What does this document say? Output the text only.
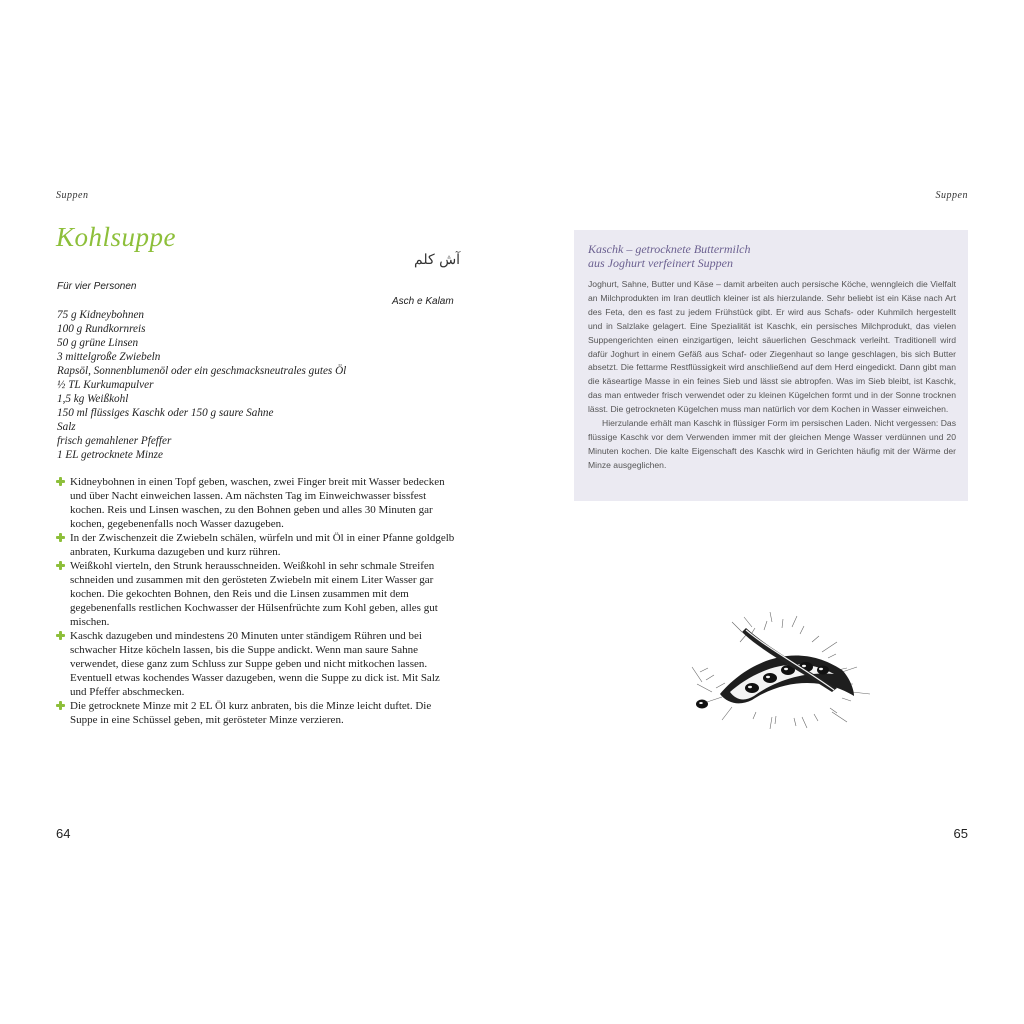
Suppen
Kohlsuppe
آش کلم
Für vier Personen
Asch e Kalam
75 g Kidneybohnen
100 g Rundkornreis
50 g grüne Linsen
3 mittelgroße Zwiebeln
Rapsöl, Sonnenblumenöl oder ein geschmacksneutrales gutes Öl
½ TL Kurkumapulver
1,5 kg Weißkohl
150 ml flüssiges Kaschk oder 150 g saure Sahne
Salz
frisch gemahlener Pfeffer
1 EL getrocknete Minze
Kidneybohnen in einen Topf geben, waschen, zwei Finger breit mit Wasser bedecken und über Nacht einweichen lassen. Am nächsten Tag im Einweichwasser bissfest kochen. Reis und Linsen waschen, zu den Bohnen geben und alles 30 Minuten gar kochen, gegebenenfalls noch Wasser dazugeben.
In der Zwischenzeit die Zwiebeln schälen, würfeln und mit Öl in einer Pfanne goldgelb anbraten, Kurkuma dazugeben und kurz rühren.
Weißkohl vierteln, den Strunk herausschneiden. Weißkohl in sehr schmale Streifen schneiden und zusammen mit den gerösteten Zwiebeln mit einem Liter Wasser gar kochen. Die gekochten Bohnen, den Reis und die Linsen zusammen mit dem gegebenenfalls restlichen Kochwasser der Hülsenfrüchte zum Kohl geben, alles gut mischen.
Kaschk dazugeben und mindestens 20 Minuten unter ständigem Rühren und bei schwacher Hitze köcheln lassen, bis die Suppe andickt. Wenn man saure Sahne verwendet, diese ganz zum Schluss zur Suppe geben und nicht mitkochen lassen. Eventuell etwas kochendes Wasser dazugeben, wenn die Suppe zu dick ist. Mit Salz und Pfeffer abschmecken.
Die getrocknete Minze mit 2 EL Öl kurz anbraten, bis die Minze leicht duftet. Die Suppe in eine Schüssel geben, mit gerösteter Minze verzieren.
64
Suppen
Kaschk – getrocknete Buttermilch
aus Joghurt verfeinert Suppen

Joghurt, Sahne, Butter und Käse – damit arbeiten auch persische Köche, wenngleich die Vielfalt an Milchprodukten im Iran deutlich kleiner ist als hierzulande. Sehr beliebt ist ein Käse nach Art des Feta, den es fast zu jedem Frühstück gibt. Er wird aus Schafs- oder Kuhmilch hergestellt und in Salzlake gelagert. Eine Spezialität ist Kaschk, ein persisches Milchprodukt, das vielen Suppengerichten einen einzigartigen, leicht säuerlichen Geschmack verleiht. Traditionell wird dafür Joghurt in einem Gefäß aus Schaf- oder Ziegenhaut so lange geschlagen, bis sich Butter absetzt. Die fettarme Restflüssigkeit wird anschließend auf dem Herd eingedickt. Dann gibt man die käseartige Masse in ein feines Sieb und lässt sie abtropfen. Was im Sieb bleibt, ist Kaschk, das man entweder frisch verwendet oder zu kleinen Kügelchen formt und in der Sonne trocknen lässt. Die getrockneten Kügelchen muss man natürlich vor dem Kochen in Wasser einweichen.

Hierzulande erhält man Kaschk in flüssiger Form im persischen Laden. Nicht vergessen: Das flüssige Kaschk vor dem Verwenden immer mit der gleichen Menge Wasser verdünnen und 20 Minuten kochen. Die kalte Eigenschaft des Kaschk wird in Gerichten häufig mit der Wärme der Minze ausgeglichen.

65
